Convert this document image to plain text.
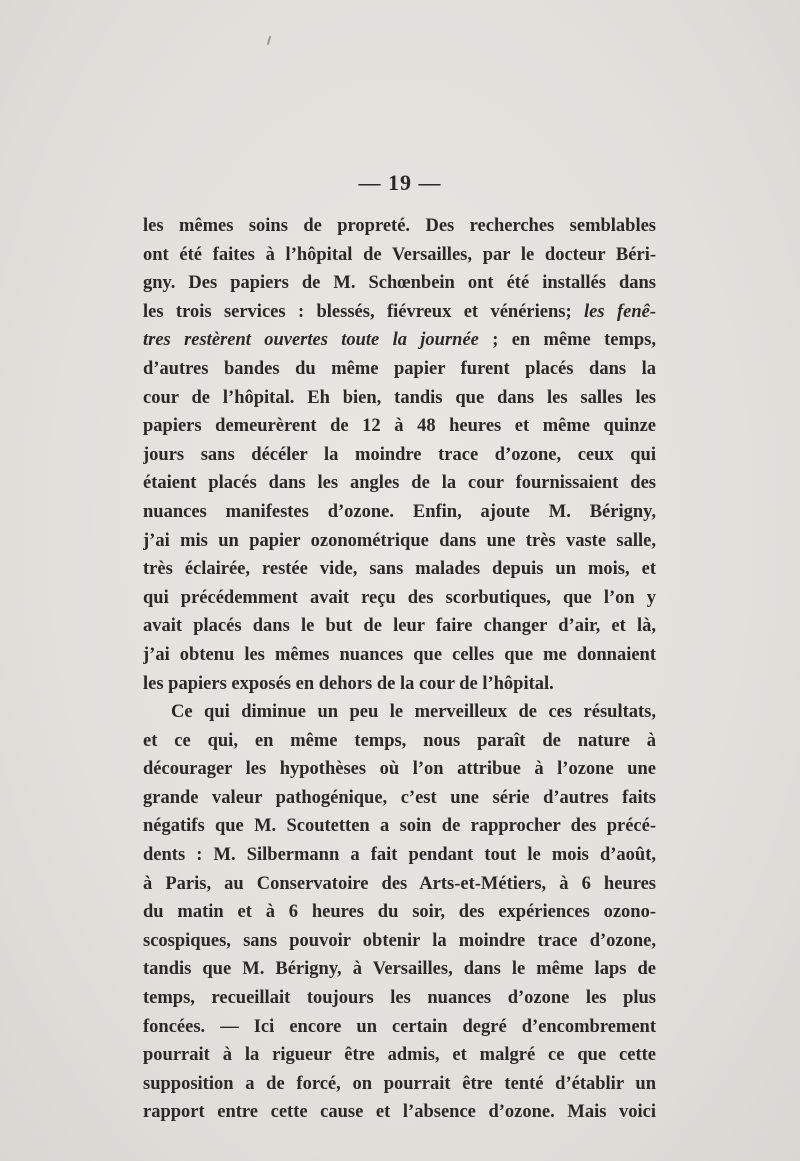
— 19 —
les mêmes soins de propreté. Des recherches semblables
ont été faites à l’hôpital de Versailles, par le docteur Béri-
gny. Des papiers de M. Schœnbein ont été installés dans
les trois services : blessés, fiévreux et vénériens; les fenê-
tres restèrent ouvertes toute la journée ; en même temps,
d’autres bandes du même papier furent placés dans la
cour de l’hôpital. Eh bien, tandis que dans les salles les
papiers demeurèrent de 12 à 48 heures et même quinze
jours sans décéler la moindre trace d’ozone, ceux qui
étaient placés dans les angles de la cour fournissaient des
nuances manifestes d’ozone. Enfin, ajoute M. Bérigny,
j’ai mis un papier ozonométrique dans une très vaste salle,
très éclairée, restée vide, sans malades depuis un mois, et
qui précédemment avait reçu des scorbutiques, que l’on y
avait placés dans le but de leur faire changer d’air, et là,
j’ai obtenu les mêmes nuances que celles que me donnaient
les papiers exposés en dehors de la cour de l’hôpital.
Ce qui diminue un peu le merveilleux de ces résultats,
et ce qui, en même temps, nous paraît de nature à
décourager les hypothèses où l’on attribue à l’ozone une
grande valeur pathogénique, c’est une série d’autres faits
négatifs que M. Scoutetten a soin de rapprocher des précé-
dents : M. Silbermann a fait pendant tout le mois d’août,
à Paris, au Conservatoire des Arts-et-Métiers, à 6 heures
du matin et à 6 heures du soir, des expériences ozono-
scospiques, sans pouvoir obtenir la moindre trace d’ozone,
tandis que M. Bérigny, à Versailles, dans le même laps de
temps, recueillait toujours les nuances d’ozone les plus
foncées. — Ici encore un certain degré d’encombrement
pourrait à la rigueur être admis, et malgré ce que cette
supposition a de forcé, on pourrait être tenté d’établir un
rapport entre cette cause et l’absence d’ozone. Mais voici
